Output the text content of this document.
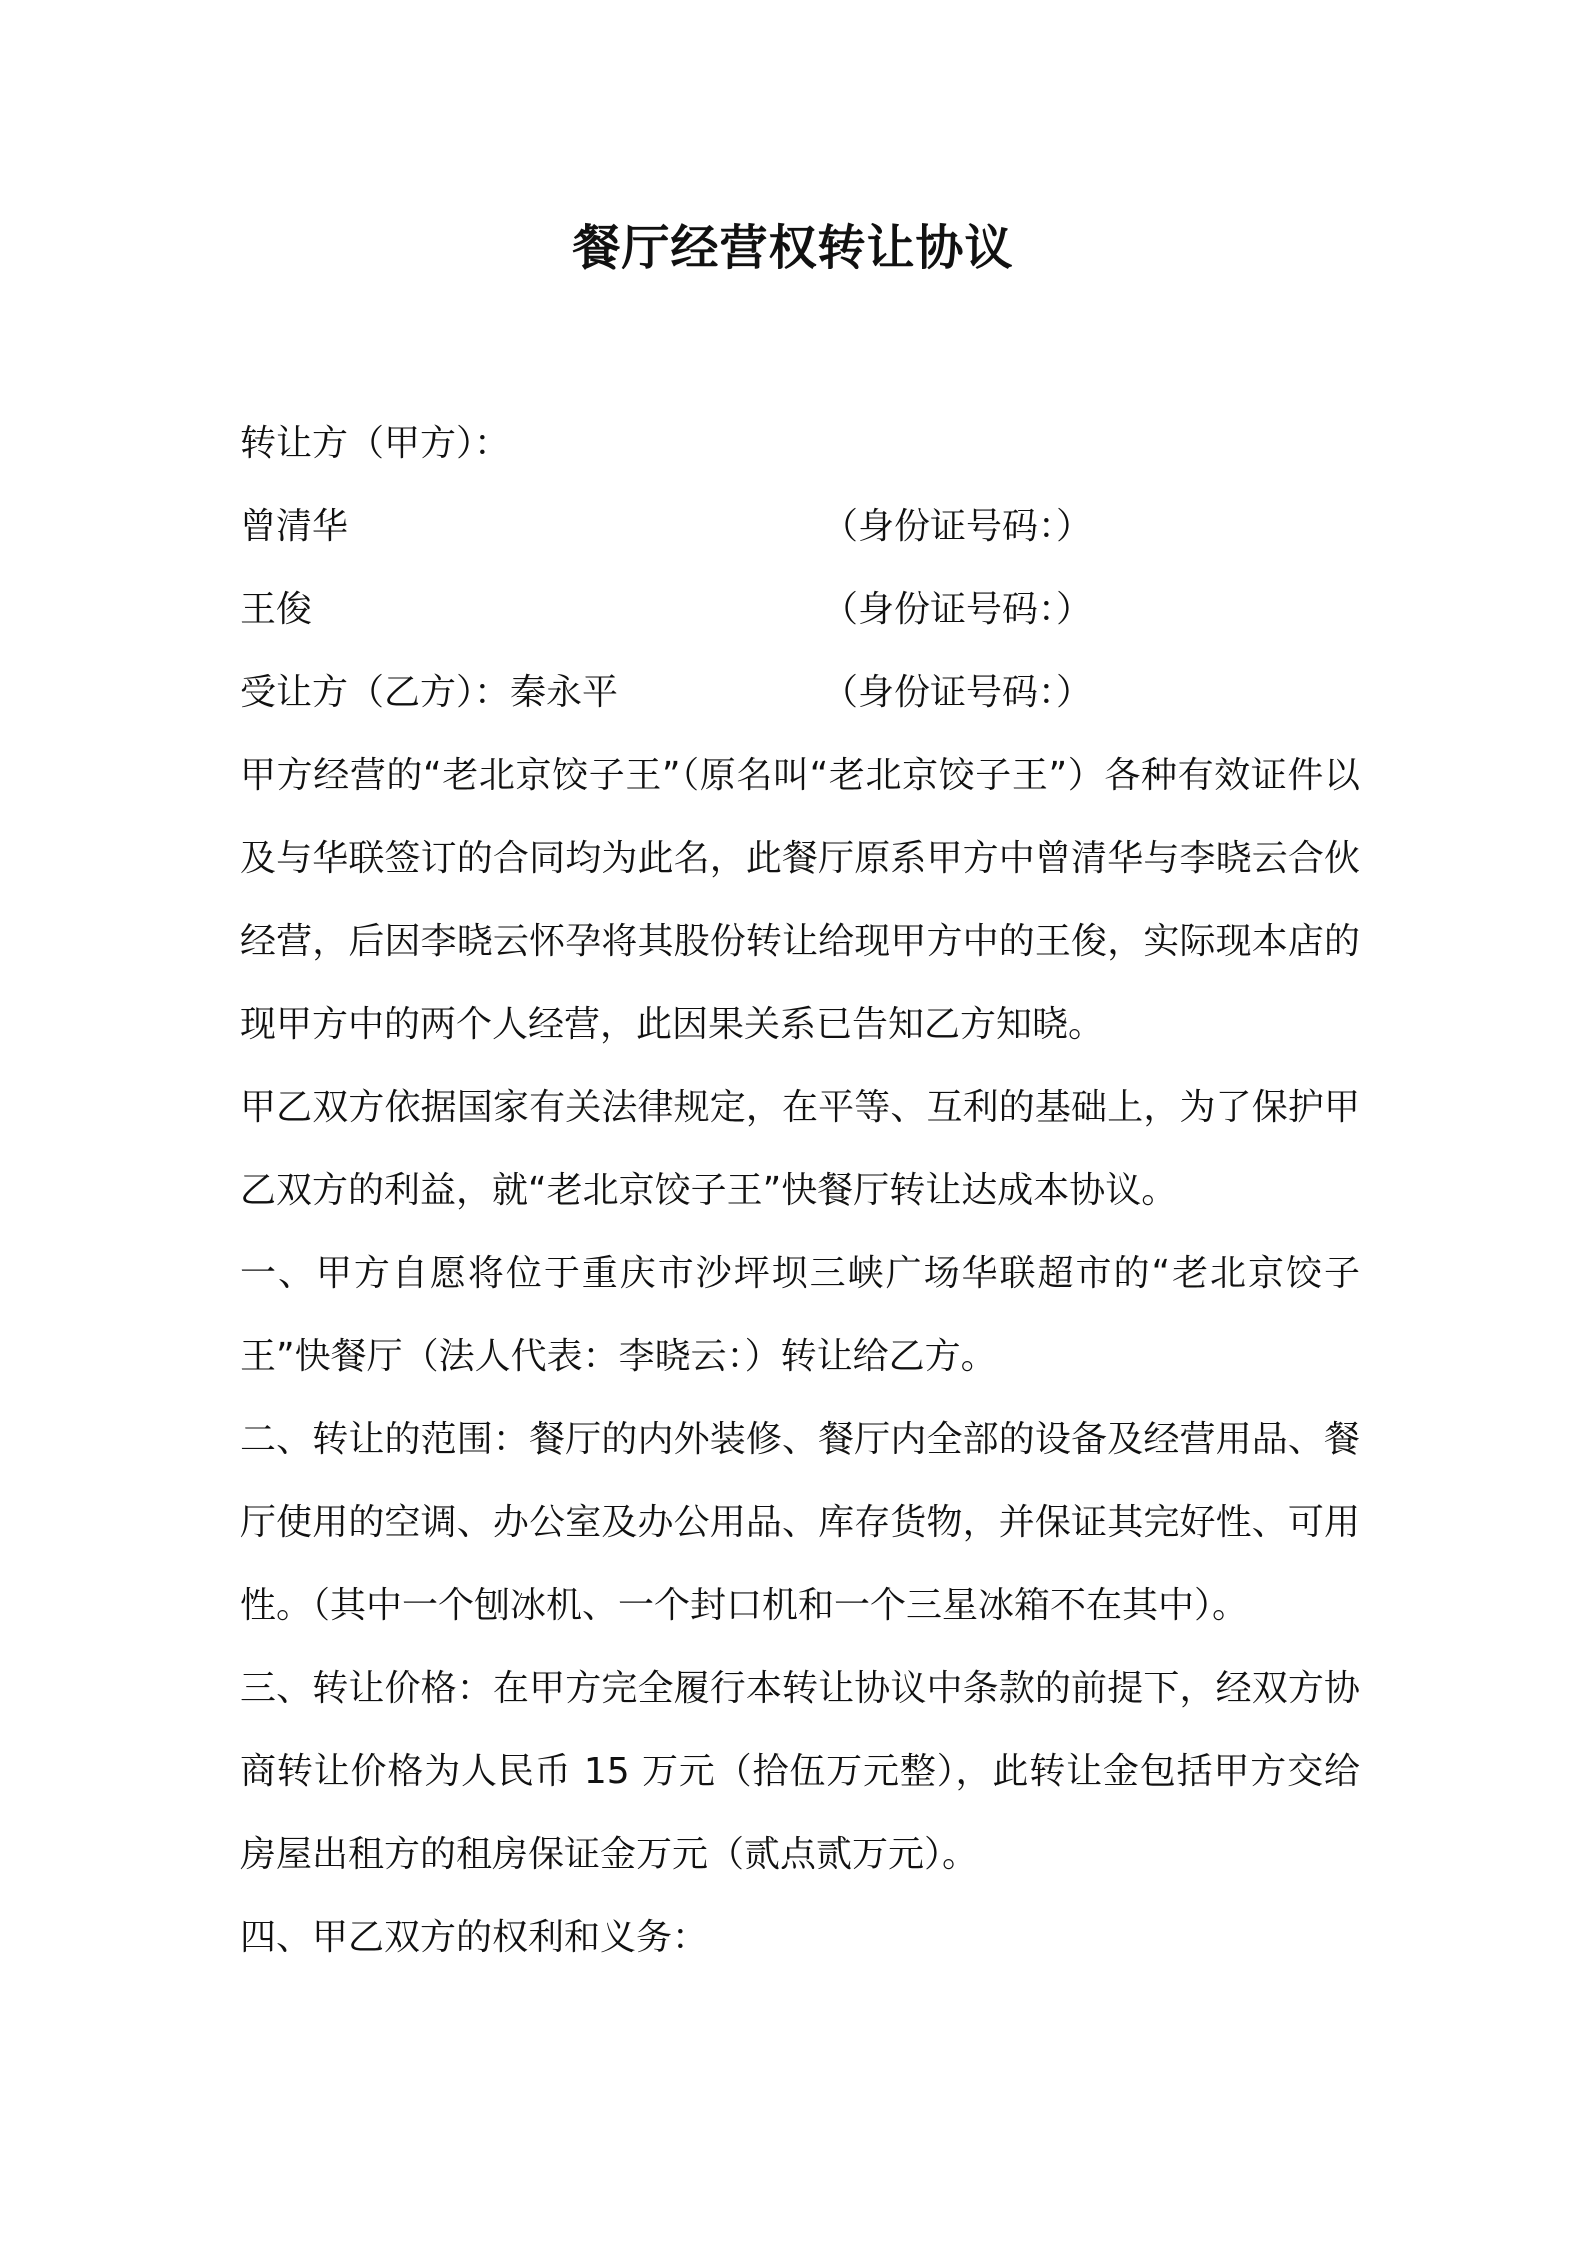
餐厅经营权转让协议
转让方（甲方）：
曾清华	（身份证号码：）
王俊	（身份证号码：）
受让方（乙方）：秦永平	（身份证号码：）

甲方经营的“老北京饺子王”（原名叫“老北京饺子王”）各种有效证件以及与华联签订的合同均为此名，此餐厅原系甲方中曾清华与李晓云合伙经营，后因李晓云怀孕将其股份转让给现甲方中的王俊，实际现本店的现甲方中的两个人经营，此因果关系已告知乙方知晓。

甲乙双方依据国家有关法律规定，在平等、互利的基础上，为了保护甲乙双方的利益，就“老北京饺子王”快餐厅转让达成本协议。

一、甲方自愿将位于重庆市沙坪坝三峡广场华联超市的“老北京饺子王”快餐厅（法人代表：李晓云：）转让给乙方。

二、转让的范围：餐厅的内外装修、餐厅内全部的设备及经营用品、餐厅使用的空调、办公室及办公用品、库存货物，并保证其完好性、可用性。（其中一个刨冰机、一个封口机和一个三星冰箱不在其中）。

三、转让价格：在甲方完全履行本转让协议中条款的前提下，经双方协商转让价格为人民币 15 万元（拾伍万元整），此转让金包括甲方交给房屋出租方的租房保证金万元（贰点贰万元）。

四、甲乙双方的权利和义务：
